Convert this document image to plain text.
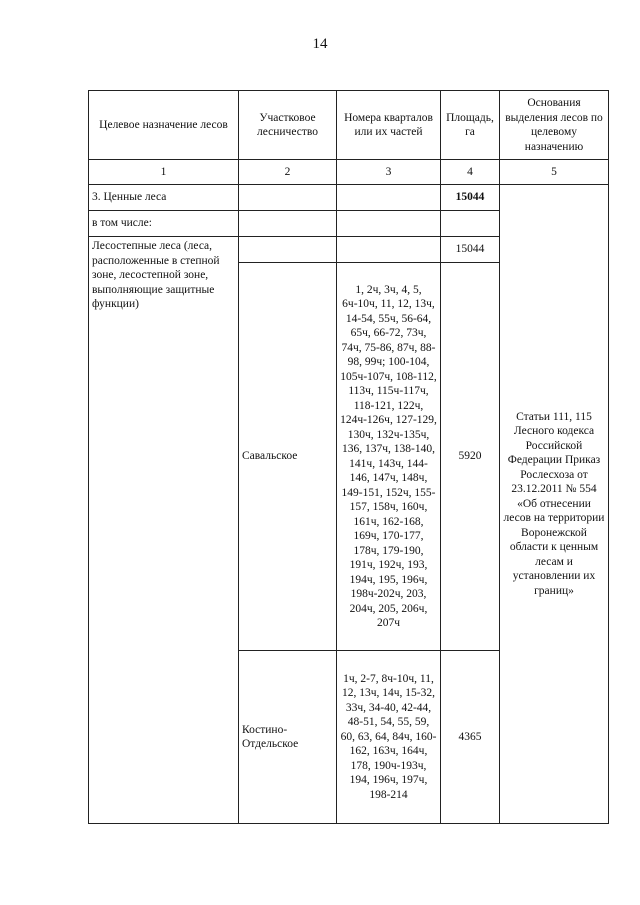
14
Целевое назначение лесов	Участковое лесничество	Номера кварталов или их частей	Площадь, га	Основания выделения лесов по целевому назначению
1	2	3	4	5
3. Ценные леса			15044	Статьи 111, 115 Лесного кодекса Российской Федерации Приказ Рослесхоза от 23.12.2011 № 554 «Об отнесении лесов на территории Воронежской области к ценным лесам и установлении их границ»
в том числе:				
Лесостепные леса (леса, расположенные в степной зоне, лесостепной зоне, выполняющие защитные функции)			15044	
	Савальское	1, 2ч, 3ч, 4, 5, 6ч-10ч, 11, 12, 13ч, 14-54, 55ч, 56-64, 65ч, 66-72, 73ч, 74ч, 75-86, 87ч, 88-98, 99ч; 100-104, 105ч-107ч, 108-112, 113ч, 115ч-117ч, 118-121, 122ч, 124ч-126ч, 127-129, 130ч, 132ч-135ч, 136, 137ч, 138-140, 141ч, 143ч, 144-146, 147ч, 148ч, 149-151, 152ч, 155-157, 158ч, 160ч, 161ч, 162-168, 169ч, 170-177, 178ч, 179-190, 191ч, 192ч, 193, 194ч, 195, 196ч, 198ч-202ч, 203, 204ч, 205, 206ч, 207ч	5920	
	Костино-Отдельское	1ч, 2-7, 8ч-10ч, 11, 12, 13ч, 14ч, 15-32, 33ч, 34-40, 42-44, 48-51, 54, 55, 59, 60, 63, 64, 84ч, 160-162, 163ч, 164ч, 178, 190ч-193ч, 194, 196ч, 197ч, 198-214	4365	
